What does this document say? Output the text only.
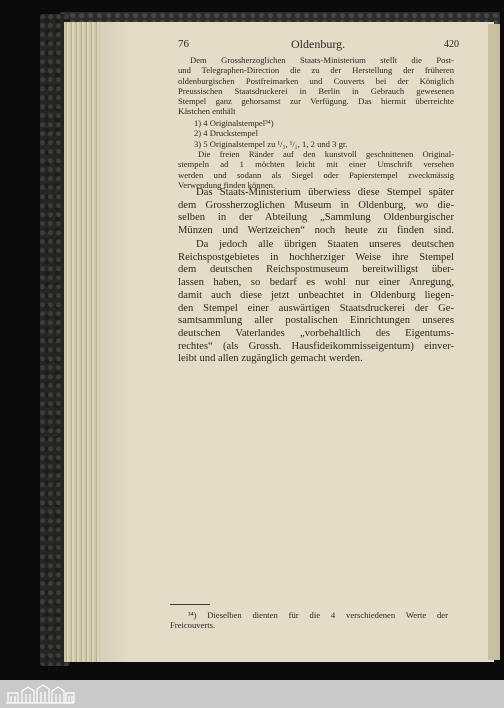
76	Oldenburg.	420
Dem Grossherzoglichen Staats-Ministerium stellt die Post-
und Telegraphen-Direction die zu der Herstellung der früheren
oldenburgischen Postfreimarken und Couverts bei der Königlich
Preussischen Staatsdruckerei in Berlin in Gebrauch gewesenen
Stempel ganz gehorsamst zur Verfügung. Das hiermit überreichte
Kästchen enthält
1) 4 Originalstempel³⁴)
2) 4 Druckstempel
3) 5 Originalstempel zu ¹/₃, ¹/₂, 1, 2 und 3 gr.
Die freien Ränder auf den kunstvoll geschnittenen Original-
stempeln ad 1 möchten leicht mit einer Umschrift versehen
werden und sodann als Siegel oder Papierstempel zweckmässig
Verwendung finden können.
Das Staats-Ministerium überwiess diese Stempel später
dem Grossherzoglichen Museum in Oldenburg, wo die-
selben in der Abteilung „Sammlung Oldenburgischer
Münzen und Wertzeichen“ noch heute zu finden sind.
Da jedoch alle übrigen Staaten unseres deutschen
Reichspostgebietes in hochherziger Weise ihre Stempel
dem deutschen Reichspostmuseum bereitwilligst über-
lassen haben, so bedarf es wohl nur einer Anregung,
damit auch diese jetzt unbeachtet in Oldenburg liegen-
den Stempel einer auswärtigen Staatsdruckerei der Ge-
samtsammlung aller postalischen Einrichtungen unseres
deutschen Vaterlandes „vorbehaltlich des Eigentums-
rechtes“ (als Grossh. Hausfideikommisseigentum) einver-
leibt und allen zugänglich gemacht werden.
³⁴) Dieselben dienten für die 4 verschiedenen Werte der
Freicouverts.
